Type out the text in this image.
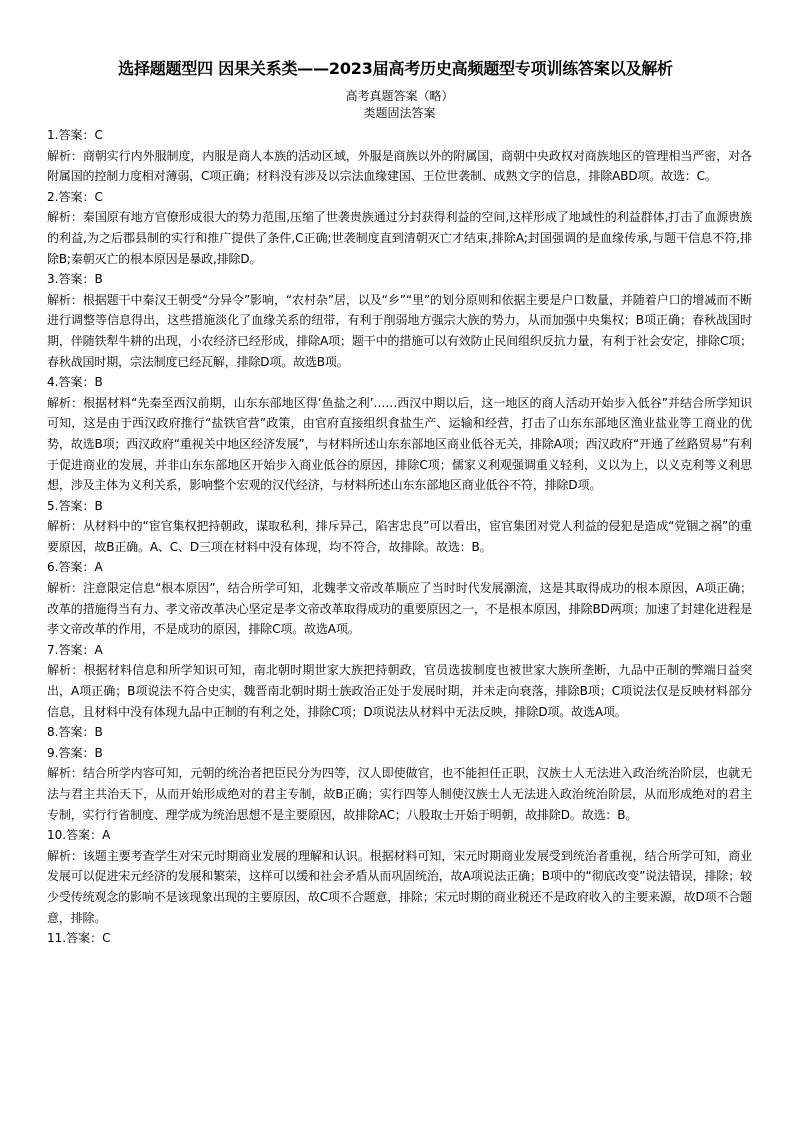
选择题题型四 因果关系类——2023届高考历史高频题型专项训练答案以及解析
高考真题答案（略）
类题固法答案
1.答案：C
解析：商朝实行内外服制度，内服是商人本族的活动区域，外服是商族以外的附属国，商朝中央政权对商族地区的管理相当严密，对各附属国的控制力度相对薄弱，C项正确；材料没有涉及以宗法血缘建国、王位世袭制、成熟文字的信息，排除ABD项。故选：C。
2.答案：C
解析：秦国原有地方官僚形成很大的势力范围,压缩了世袭贵族通过分封获得利益的空间,这样形成了地域性的利益群体,打击了血源贵族的利益,为之后郡县制的实行和推广提供了条件,C正确;世袭制度直到清朝灭亡才结束,排除A;封国强调的是血缘传承,与题干信息不符,排除B;秦朝灭亡的根本原因是暴政,排除D。
3.答案：B
解析：根据题干中秦汉王朝受“分异令”影响，“农村杂”居，以及“乡”“里”的划分原则和依据主要是户口数量，并随着户口的增减而不断进行调整等信息得出，这些措施淡化了血缘关系的纽带，有利于削弱地方强宗大族的势力，从而加强中央集权；B项正确；春秋战国时期，伴随铁犁牛耕的出现，小农经济已经形成，排除A项；题干中的措施可以有效防止民间组织反抗力量，有利于社会安定，排除C项；春秋战国时期，宗法制度已经瓦解，排除D项。故选B项。
4.答案：B
解析：根据材料“先秦至西汉前期，山东东部地区得‘鱼盐之利’……西汉中期以后，这一地区的商人活动开始步入低谷”并结合所学知识可知，这是由于西汉政府推行“盐铁官营”政策，由官府直接组织食盐生产、运输和经营，打击了山东东部地区渔业盐业等工商业的优势，故选B项；西汉政府“重视关中地区经济发展”，与材料所述山东东部地区商业低谷无关，排除A项；西汉政府“开通了丝路贸易”有利于促进商业的发展，并非山东东部地区开始步入商业低谷的原因，排除C项；儒家义利观强调重义轻利，义以为上，以义克利等义利思想，涉及主体为义利关系，影响整个宏观的汉代经济，与材料所述山东东部地区商业低谷不符，排除D项。
5.答案：B
解析：从材料中的“宦官集权把持朝政，谋取私利，排斥异己，陷害忠良”可以看出，宦官集团对党人利益的侵犯是造成“党锢之祸”的重要原因，故B正确。A、C、D三项在材料中没有体现，均不符合，故排除。故选：B。
6.答案：A
解析：注意限定信息“根本原因”，结合所学可知，北魏孝文帝改革顺应了当时时代发展潮流，这是其取得成功的根本原因，A项正确；改革的措施得当有力、孝文帝改革决心坚定是孝文帝改革取得成功的重要原因之一，不是根本原因，排除BD两项；加速了封建化进程是孝文帝改革的作用，不是成功的原因，排除C项。故选A项。
7.答案：A
解析：根据材料信息和所学知识可知，南北朝时期世家大族把持朝政，官员选拔制度也被世家大族所垄断，九品中正制的弊端日益突出，A项正确；B项说法不符合史实，魏晋南北朝时期士族政治正处于发展时期，并未走向衰落，排除B项；C项说法仅是反映材料部分信息，且材料中没有体现九品中正制的有利之处，排除C项；D项说法从材料中无法反映，排除D项。故选A项。
8.答案：B
9.答案：B
解析：结合所学内容可知，元朝的统治者把臣民分为四等，汉人即使做官，也不能担任正职，汉族士人无法进入政治统治阶层，也就无法与君主共治天下，从而开始形成绝对的君主专制，故B正确；实行四等人制使汉族士人无法进入政治统治阶层，从而形成绝对的君主专制，实行行省制度、理学成为统治思想不是主要原因，故排除AC；八股取士开始于明朝，故排除D。故选：B。
10.答案：A
解析：该题主要考查学生对宋元时期商业发展的理解和认识。根据材料可知，宋元时期商业发展受到统治者重视，结合所学可知，商业发展可以促进宋元经济的发展和繁荣，这样可以缓和社会矛盾从而巩固统治，故A项说法正确；B项中的“彻底改变”说法错误，排除；较少受传统观念的影响不是该现象出现的主要原因，故C项不合题意，排除；宋元时期的商业税还不是政府收入的主要来源，故D项不合题意，排除。
11.答案：C
